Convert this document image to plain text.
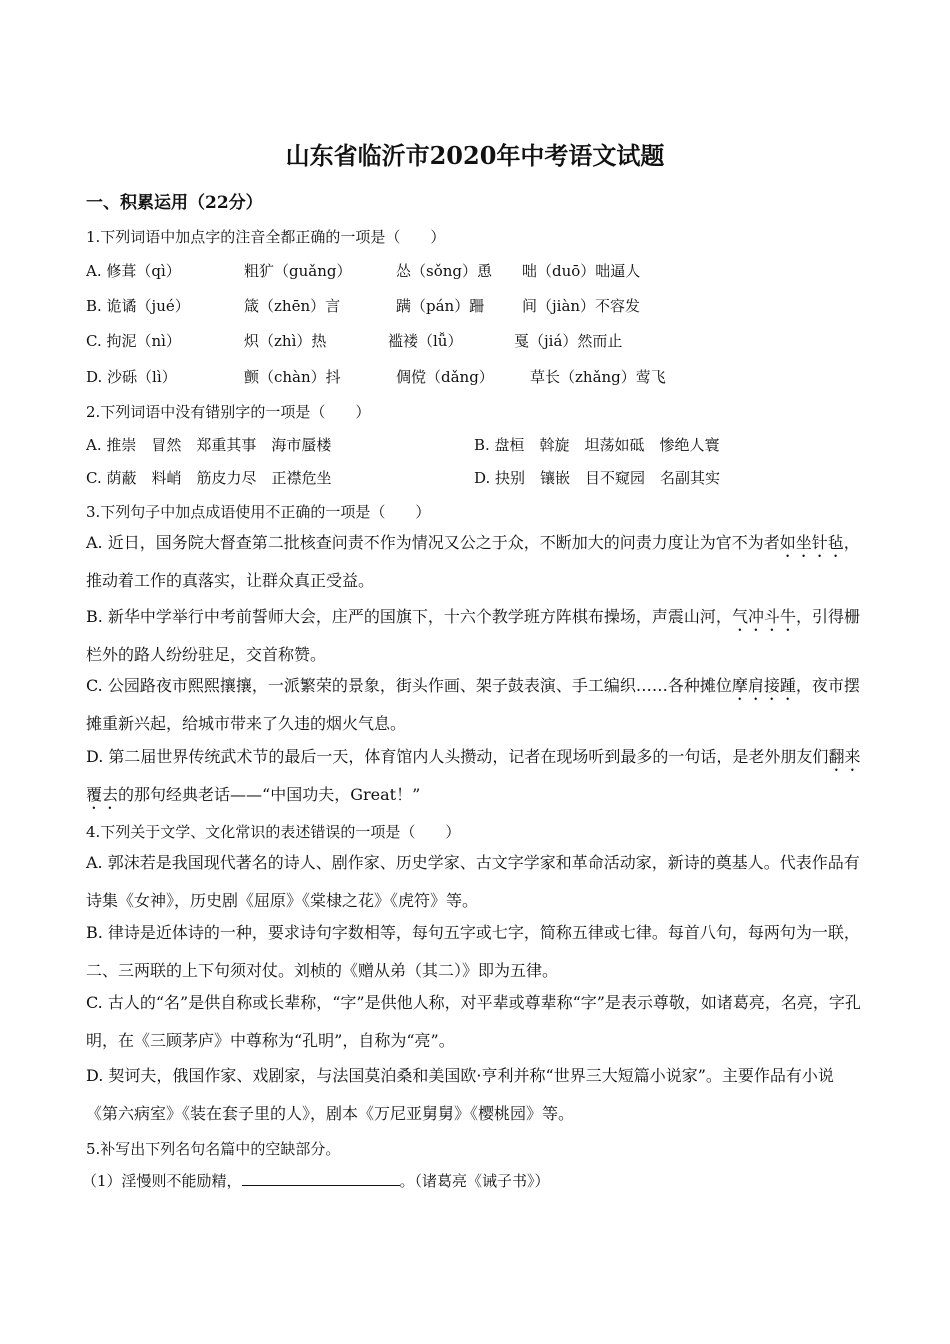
山东省临沂市2020年中考语文试题
一、积累运用（22分）
1.下列词语中加点字的注音全都正确的一项是（　　）
A. 修葺（qì）	粗犷（guǎng）	怂（sǒng）恿 咄（duō）咄逼人
B. 诡谲（jué）	箴（zhēn）言	蹒（pán）跚	间（jiàn）不容发
C. 拘泥（nì）	炽（zhì）热	褴褛（lǚ）	戛（jiá）然而止
D. 沙砾（lì）	颤（chàn）抖	倜傥（dǎng） 草长（zhǎng）莺飞
2.下列词语中没有错别字的一项是（　　）
A. 推崇　冒然　郑重其事　海市蜃楼	B. 盘桓　斡旋　坦荡如砥　惨绝人寰
C. 荫蔽　料峭　筋皮力尽　正襟危坐	D. 抉别　镶嵌　目不窥园　名副其实
3.下列句子中加点成语使用不正确的一项是（　　）
A. 近日，国务院大督查第二批核查问责不作为情况又公之于众，不断加大的问责力度让为官不为者如坐针毡，推动着工作的真落实，让群众真正受益。
B. 新华中学举行中考前誓师大会，庄严的国旗下，十六个教学班方阵棋布操场，声震山河，气冲斗牛，引得栅栏外的路人纷纷驻足，交首称赞。
C. 公园路夜市熙熙攘攘，一派繁荣的景象，街头作画、架子鼓表演、手工编织……各种摊位摩肩接踵，夜市摆摊重新兴起，给城市带来了久违的烟火气息。
D. 第二届世界传统武术节的最后一天，体育馆内人头攒动，记者在现场听到最多的一句话，是老外朋友们翻来覆去的那句经典老话——“中国功夫，Great！”
4.下列关于文学、文化常识的表述错误的一项是（　　）
A. 郭沫若是我国现代著名的诗人、剧作家、历史学家、古文字学家和革命活动家，新诗的奠基人。代表作品有诗集《女神》，历史剧《屈原》《棠棣之花》《虎符》等。
B. 律诗是近体诗的一种，要求诗句字数相等，每句五字或七字，简称五律或七律。每首八句，每两句为一联，二、三两联的上下句须对仗。刘桢的《赠从弟（其二）》即为五律。
C. 古人的“名”是供自称或长辈称，“字”是供他人称，对平辈或尊辈称“字”是表示尊敬，如诸葛亮，名亮，字孔明，在《三顾茅庐》中尊称为“孔明”，自称为“亮”。
D. 契诃夫，俄国作家、戏剧家，与法国莫泊桑和美国欧·亨利并称“世界三大短篇小说家”。主要作品有小说《第六病室》《装在套子里的人》，剧本《万尼亚舅舅》《樱桃园》等。
5.补写出下列名句名篇中的空缺部分。
（1）淫慢则不能励精，	。（诸葛亮《诫子书》）
